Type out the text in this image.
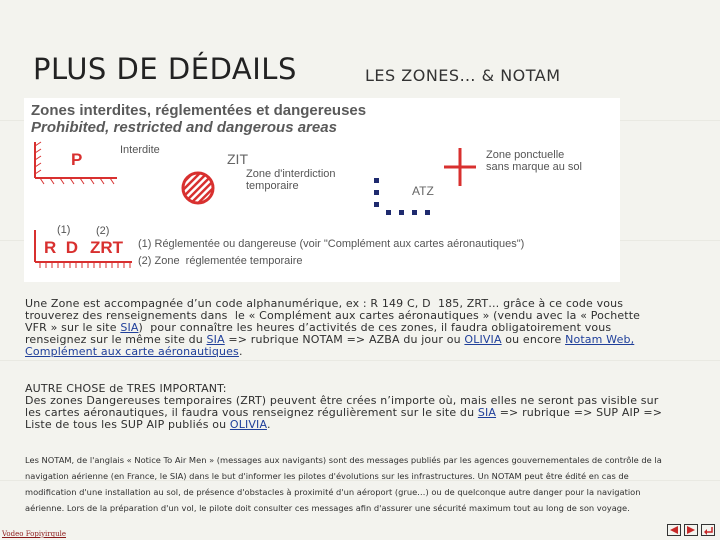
PLUS DE DÉDAILS	LES ZONES… & NOTAM
Zones interdites, réglementées et dangereuses
Prohibited, restricted and dangerous areas
P	Interdite
ZIT
Zone d'interdiction
temporaire	ATZ
Zone ponctuelle
sans marque au sol
(1) (2)
R  D ZRT (1) Réglementée ou dangereuse (voir "Complément aux cartes aéronautiques")
(2) Zone  réglementée temporaire
Une Zone est accompagnée d’un code alphanumérique, ex : R 149 C, D  185, ZRT… grâce à ce code vous
trouverez des renseignements dans  le « Complément aux cartes aéronautiques » (vendu avec la « Pochette
VFR » sur le site SIA)  pour connaître les heures d’activités de ces zones, il faudra obligatoirement vous
renseignez sur le même site du SIA => rubrique NOTAM => AZBA du jour ou OLIVIA ou encore Notam Web,
Complément aux carte aéronautiques.
AUTRE CHOSE de TRES IMPORTANT:
Des zones Dangereuses temporaires (ZRT) peuvent être crées n’importe où, mais elles ne seront pas visible sur
les cartes aéronautiques, il faudra vous renseignez régulièrement sur le site du SIA => rubrique => SUP AIP =>
Liste de tous les SUP AIP publiés ou OLIVIA.
Les NOTAM, de l'anglais « Notice To Air Men » (messages aux navigants) sont des messages publiés par les agences gouvernementales de contrôle de la
navigation aérienne (en France, le SIA) dans le but d'informer les pilotes d'évolutions sur les infrastructures. Un NOTAM peut être édité en cas de
modification d'une installation au sol, de présence d'obstacles à proximité d'un aéroport (grue…) ou de quelconque autre danger pour la navigation
aérienne. Lors de la préparation d'un vol, le pilote doit consulter ces messages afin d'assurer une sécurité maximum tout au long de son voyage.
Vodeo Fopiyirqule
